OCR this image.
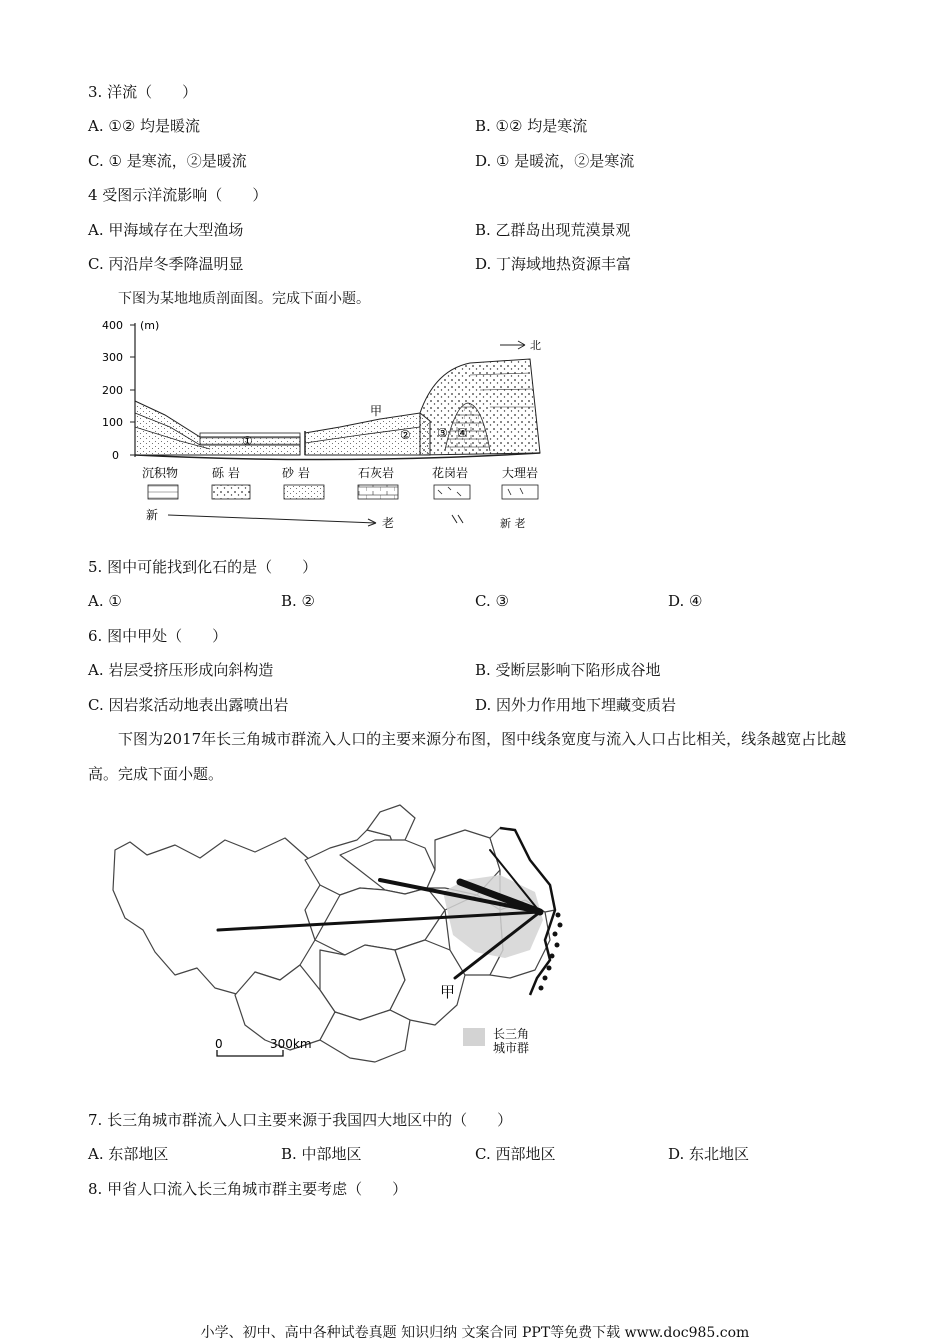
3. 洋流（　　）
A. ①② 均是暖流	B. ①② 均是寒流
C. ① 是寒流，②是暖流	D. ① 是暖流，②是寒流
4 受图示洋流影响（　　）
A. 甲海域存在大型渔场	B. 乙群岛出现荒漠景观
C. 丙沿岸冬季降温明显	D. 丁海域地热资源丰富
下图为某地地质剖面图。完成下面小题。
400 (m)
300
200
100
0
北
甲
①	② ③ ④
沉积物	砾 岩	砂 岩	石灰岩	花岗岩	大理岩
新
老	新 老
5. 图中可能找到化石的是（　　）
A. ①	B. ②	C. ③	D. ④
6. 图中甲处（　　）
A. 岩层受挤压形成向斜构造	B. 受断层影响下陷形成谷地
C. 因岩浆活动地表出露喷出岩	D. 因外力作用地下埋藏变质岩
下图为2017年长三角城市群流入人口的主要来源分布图，图中线条宽度与流入人口占比相关，线条越宽占比越高。完成下面小题。
甲
0	300km
长三角
城市群
7. 长三角城市群流入人口主要来源于我国四大地区中的（　　）
A. 东部地区	B. 中部地区	C. 西部地区	D. 东北地区
8. 甲省人口流入长三角城市群主要考虑（　　）
小学、初中、高中各种试卷真题 知识归纳 文案合同 PPT等免费下载 www.doc985.com
